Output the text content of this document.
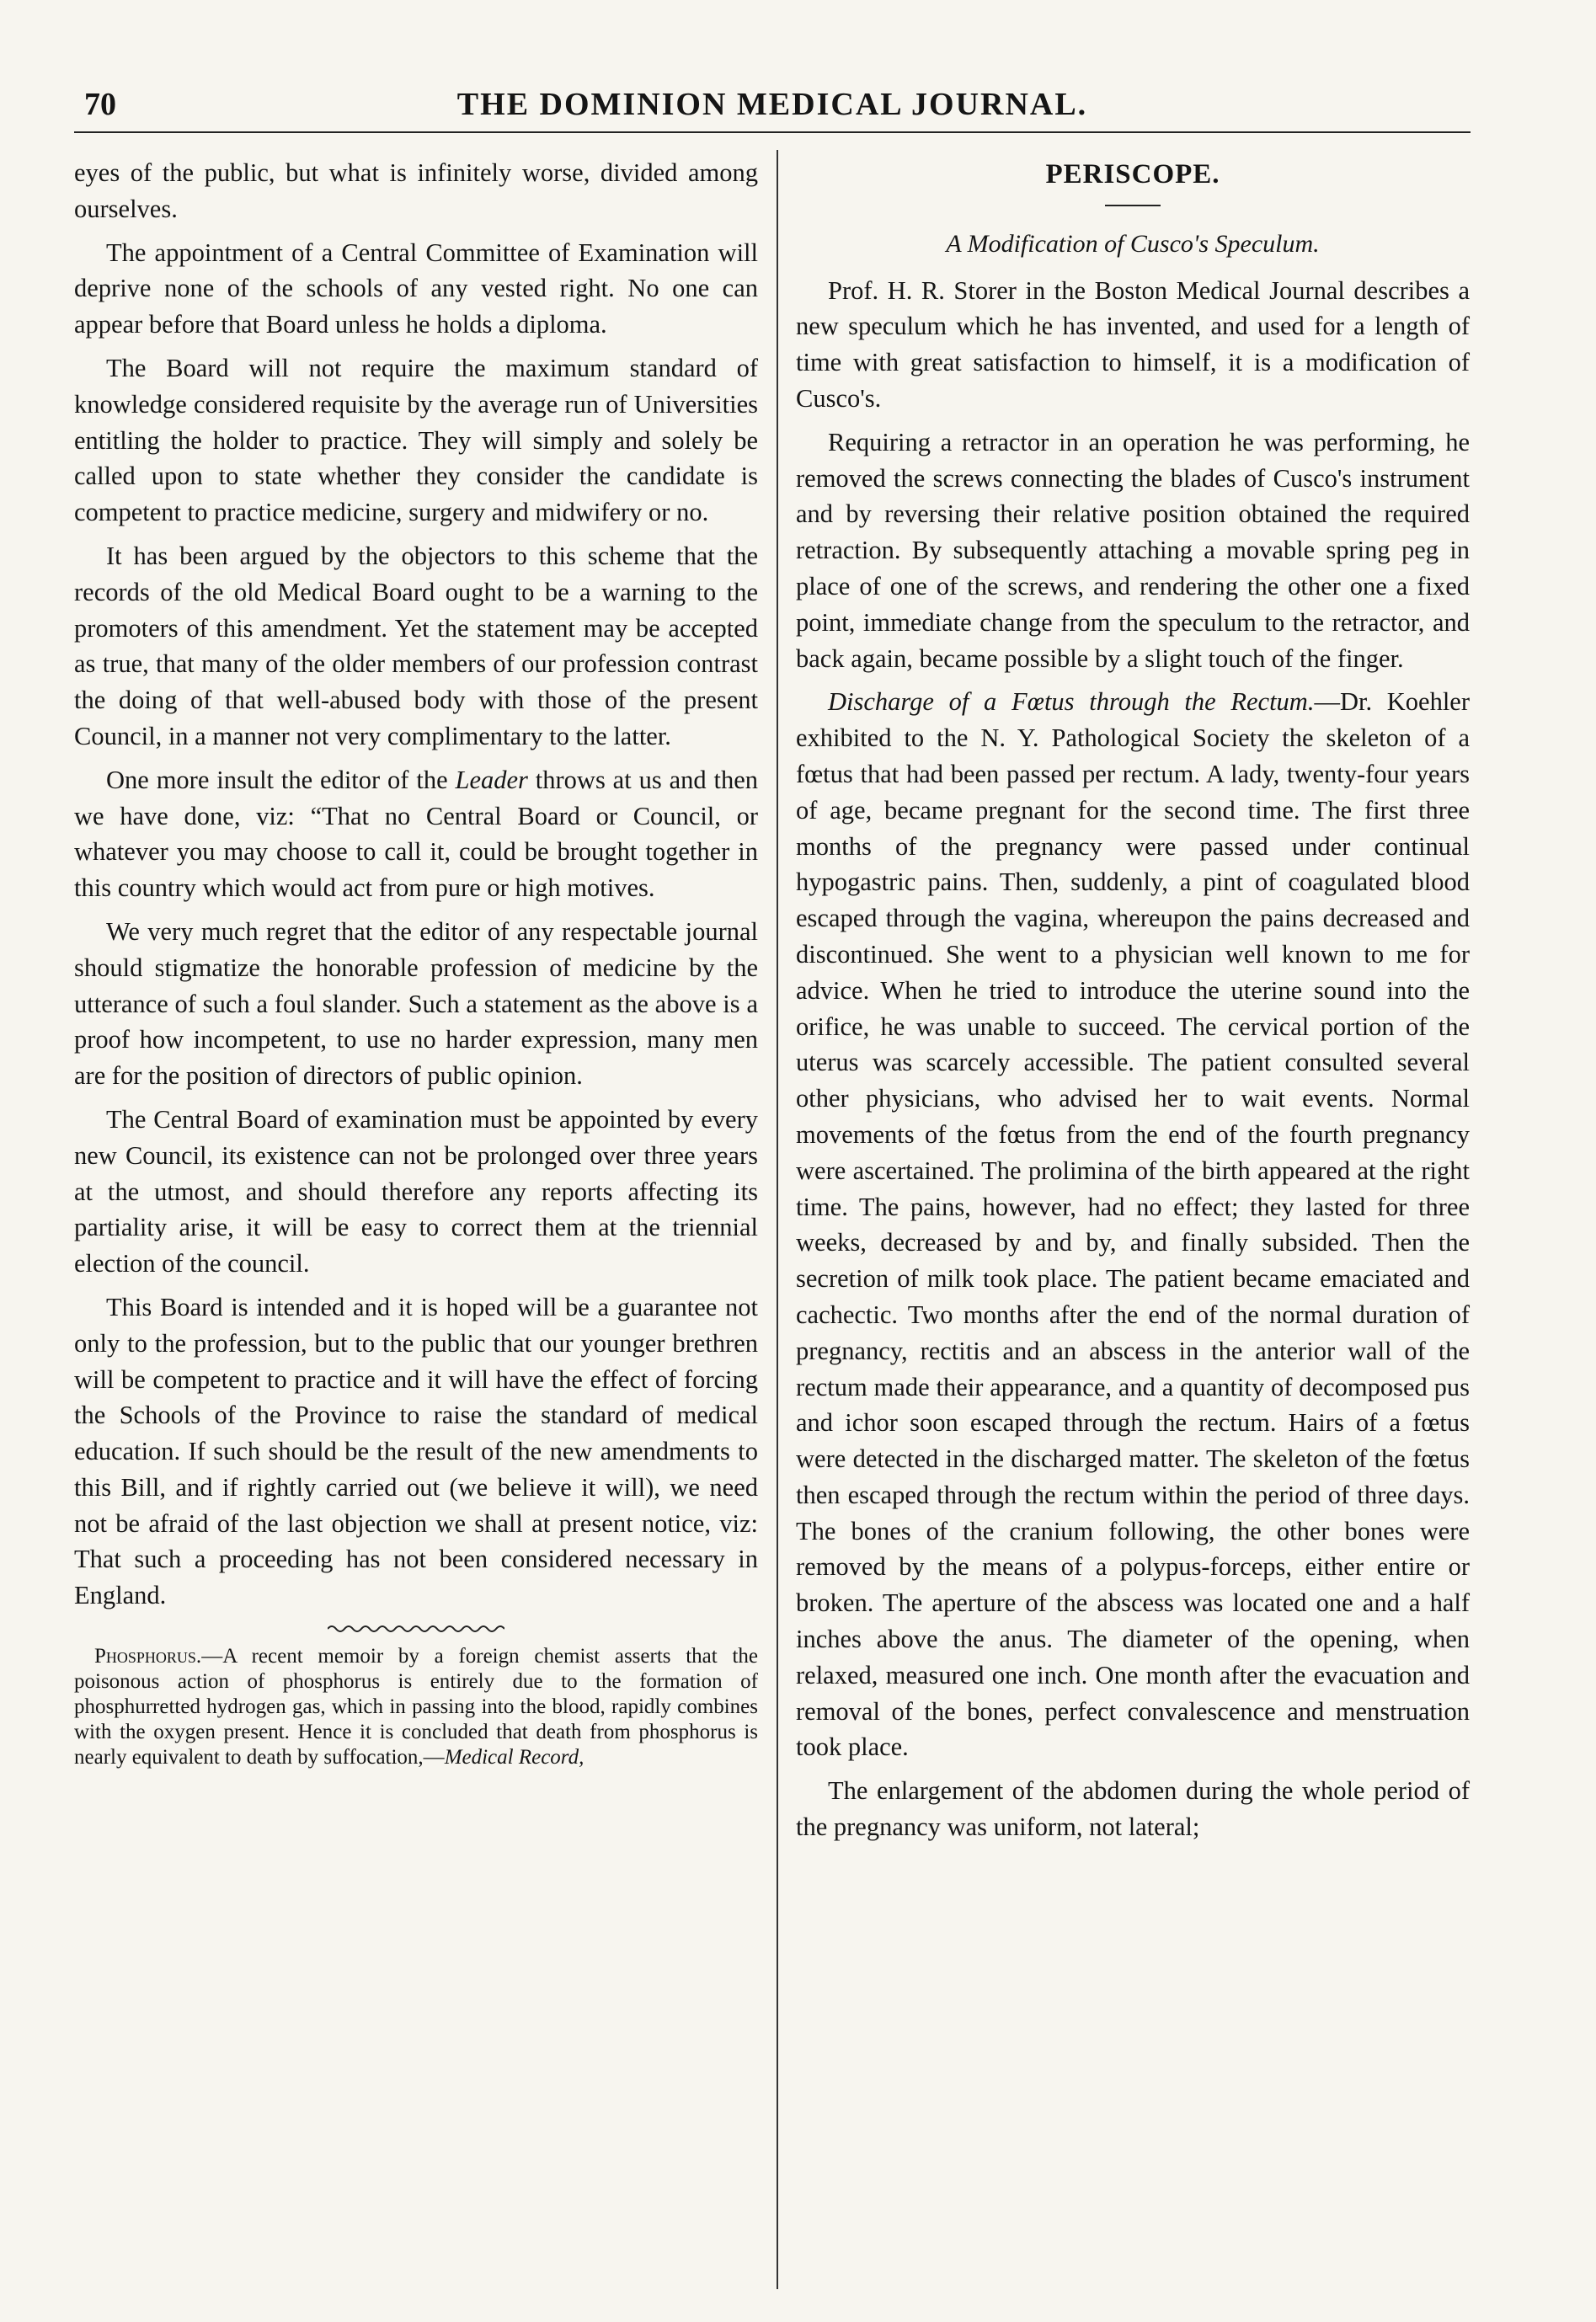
70	THE DOMINION MEDICAL JOURNAL.

eyes of the public, but what is infinitely worse, divided among ourselves.

The appointment of a Central Committee of Examination will deprive none of the schools of any vested right. No one can appear before that Board unless he holds a diploma.

The Board will not require the maximum standard of knowledge considered requisite by the average run of Universities entitling the holder to practice. They will simply and solely be called upon to state whether they consider the candidate is competent to practice medicine, surgery and midwifery or no.

It has been argued by the objectors to this scheme that the records of the old Medical Board ought to be a warning to the promoters of this amendment. Yet the statement may be accepted as true, that many of the older members of our profession contrast the doing of that well-abused body with those of the present Council, in a manner not very complimentary to the latter.

One more insult the editor of the Leader throws at us and then we have done, viz: “That no Central Board or Council, or whatever you may choose to call it, could be brought together in this country which would act from pure or high motives.

We very much regret that the editor of any respectable journal should stigmatize the honorable profession of medicine by the utterance of such a foul slander. Such a statement as the above is a proof how incompetent, to use no harder expression, many men are for the position of directors of public opinion.

The Central Board of examination must be appointed by every new Council, its existence can not be prolonged over three years at the utmost, and should therefore any reports affecting its partiality arise, it will be easy to correct them at the triennial election of the council.

This Board is intended and it is hoped will be a guarantee not only to the profession, but to the public that our younger brethren will be competent to practice and it will have the effect of forcing the Schools of the Province to raise the standard of medical education. If such should be the result of the new amendments to this Bill, and if rightly carried out (we believe it will), we need not be afraid of the last objection we shall at present notice, viz: That such a proceeding has not been considered necessary in England.

Phosphorus.—A recent memoir by a foreign chemist asserts that the poisonous action of phosphorus is entirely due to the formation of phosphurretted hydrogen gas, which in passing into the blood, rapidly combines with the oxygen present. Hence it is concluded that death from phosphorus is nearly equivalent to death by suffocation,—Medical Record,

PERISCOPE.
A Modification of Cusco's Speculum.

Prof. H. R. Storer in the Boston Medical Journal describes a new speculum which he has invented, and used for a length of time with great satisfaction to himself, it is a modification of Cusco's.

Requiring a retractor in an operation he was performing, he removed the screws connecting the blades of Cusco's instrument and by reversing their relative position obtained the required retraction. By subsequently attaching a movable spring peg in place of one of the screws, and rendering the other one a fixed point, immediate change from the speculum to the retractor, and back again, became possible by a slight touch of the finger.

Discharge of a Fœtus through the Rectum.—Dr. Koehler exhibited to the N. Y. Pathological Society the skeleton of a fœtus that had been passed per rectum. A lady, twenty-four years of age, became pregnant for the second time. The first three months of the pregnancy were passed under continual hypogastric pains. Then, suddenly, a pint of coagulated blood escaped through the vagina, whereupon the pains decreased and discontinued. She went to a physician well known to me for advice. When he tried to introduce the uterine sound into the orifice, he was unable to succeed. The cervical portion of the uterus was scarcely accessible. The patient consulted several other physicians, who advised her to wait events. Normal movements of the fœtus from the end of the fourth pregnancy were ascertained. The prolimina of the birth appeared at the right time. The pains, however, had no effect; they lasted for three weeks, decreased by and by, and finally subsided. Then the secretion of milk took place. The patient became emaciated and cachectic. Two months after the end of the normal duration of pregnancy, rectitis and an abscess in the anterior wall of the rectum made their appearance, and a quantity of decomposed pus and ichor soon escaped through the rectum. Hairs of a fœtus were detected in the discharged matter. The skeleton of the fœtus then escaped through the rectum within the period of three days. The bones of the cranium following, the other bones were removed by the means of a polypus-forceps, either entire or broken. The aperture of the abscess was located one and a half inches above the anus. The diameter of the opening, when relaxed, measured one inch. One month after the evacuation and removal of the bones, perfect convalescence and menstruation took place.

The enlargement of the abdomen during the whole period of the pregnancy was uniform, not lateral;
